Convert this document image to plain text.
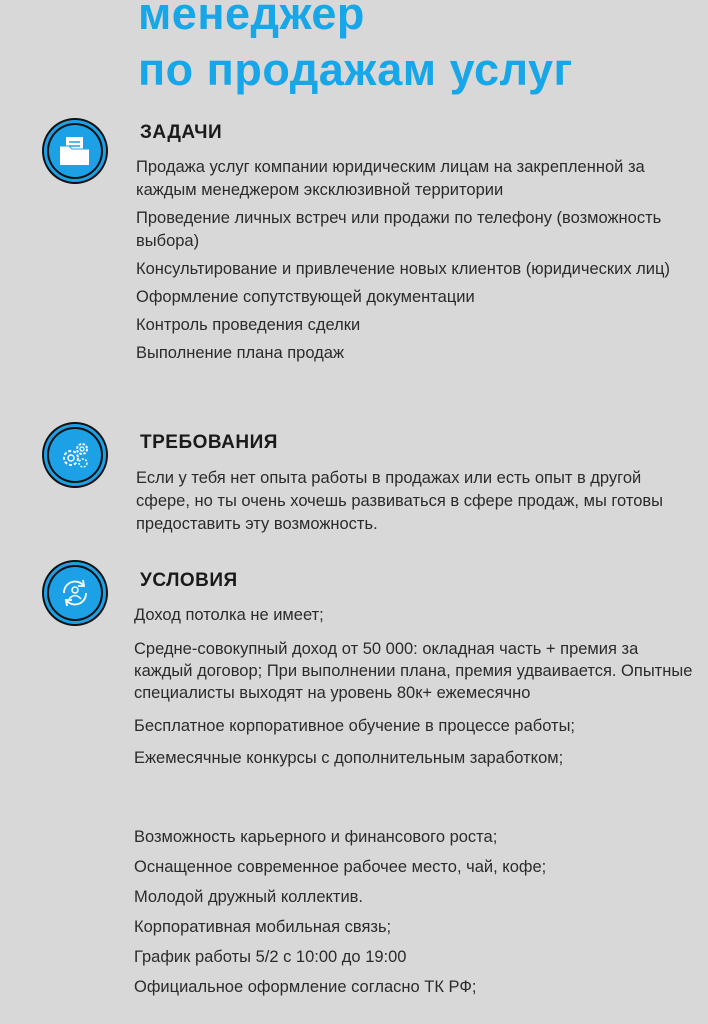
менеджер
по продажам услуг
ЗАДАЧИ

Продажа услуг компании юридическим лицам на закрепленной за каждым менеджером эксклюзивной территории

Проведение личных встреч или продажи по телефону (возможность выбора)

Консультирование и привлечение новых клиентов (юридических лиц)

Оформление сопутствующей документации

Контроль проведения сделки

Выполнение плана продаж

ТРЕБОВАНИЯ

Если у тебя нет опыта работы в продажах или есть опыт в другой сфере, но ты очень хочешь развиваться в сфере продаж, мы готовы предоставить эту возможность.

УСЛОВИЯ

Доход потолка не имеет;

Средне-совокупный доход от 50 000: окладная часть + премия за каждый договор; При выполнении плана, премия удваивается. Опытные специалисты выходят на уровень 80к+ ежемесячно

Бесплатное корпоративное обучение в процессе работы;

Ежемесячные конкурсы с дополнительным заработком;

Возможность карьерного и финансового роста;

Оснащенное современное рабочее место, чай, кофе;

Молодой дружный коллектив.

Корпоративная мобильная связь;

График работы 5/2 с 10:00 до 19:00

Официальное оформление согласно ТК РФ;
